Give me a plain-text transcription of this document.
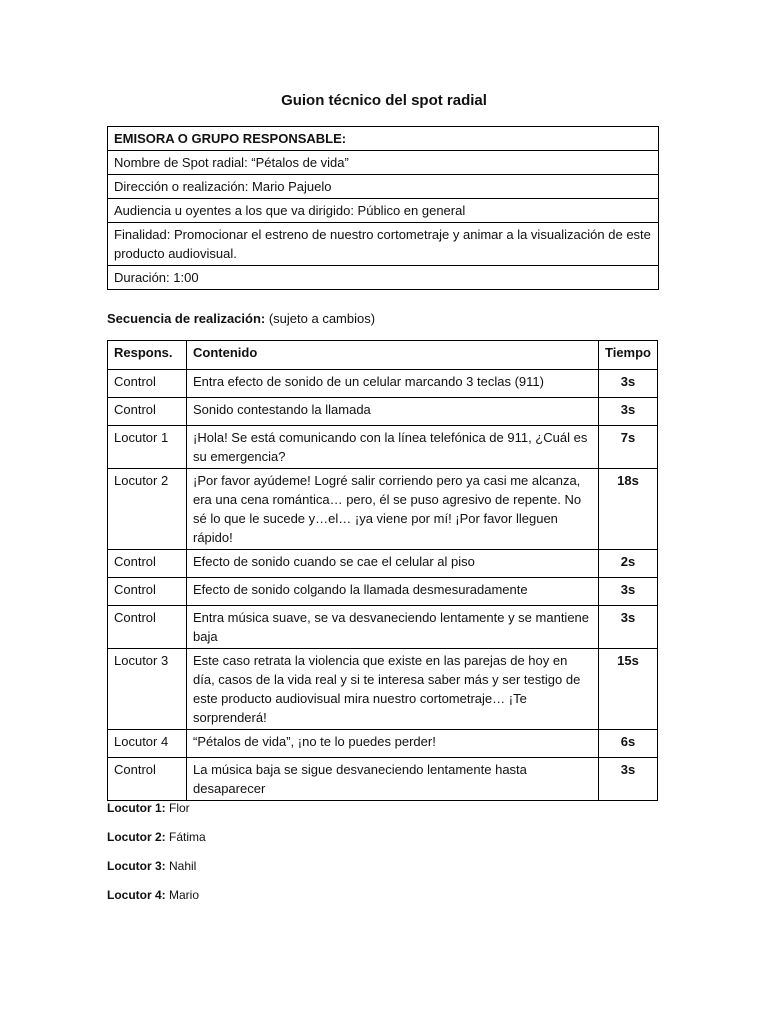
Guion técnico del spot radial
EMISORA O GRUPO RESPONSABLE:
Nombre de Spot radial: “Pétalos de vida”
Dirección o realización: Mario Pajuelo
Audiencia u oyentes a los que va dirigido: Público en general
Finalidad: Promocionar el estreno de nuestro cortometraje y animar a la visualización de este producto audiovisual.
Duración: 1:00
Secuencia de realización: (sujeto a cambios)
Respons.	Contenido	Tiempo
Control	Entra efecto de sonido de un celular marcando 3 teclas (911)	3s
Control	Sonido contestando la llamada	3s
Locutor 1	¡Hola! Se está comunicando con la línea telefónica de 911, ¿Cuál es su emergencia?	7s
Locutor 2	¡Por favor ayúdeme! Logré salir corriendo pero ya casi me alcanza, era una cena romántica… pero, él se puso agresivo de repente. No sé lo que le sucede y…el… ¡ya viene por mí! ¡Por favor lleguen rápido!	18s
Control	Efecto de sonido cuando se cae el celular al piso	2s
Control	Efecto de sonido colgando la llamada desmesuradamente	3s
Control	Entra música suave, se va desvaneciendo lentamente y se mantiene baja	3s
Locutor 3	Este caso retrata la violencia que existe en las parejas de hoy en día, casos de la vida real y si te interesa saber más y ser testigo de este producto audiovisual mira nuestro cortometraje… ¡Te sorprenderá!	15s
Locutor 4	“Pétalos de vida”, ¡no te lo puedes perder!	6s
Control	La música baja se sigue desvaneciendo lentamente hasta desaparecer	3s
Locutor 1: Flor
Locutor 2: Fátima
Locutor 3: Nahil
Locutor 4: Mario
